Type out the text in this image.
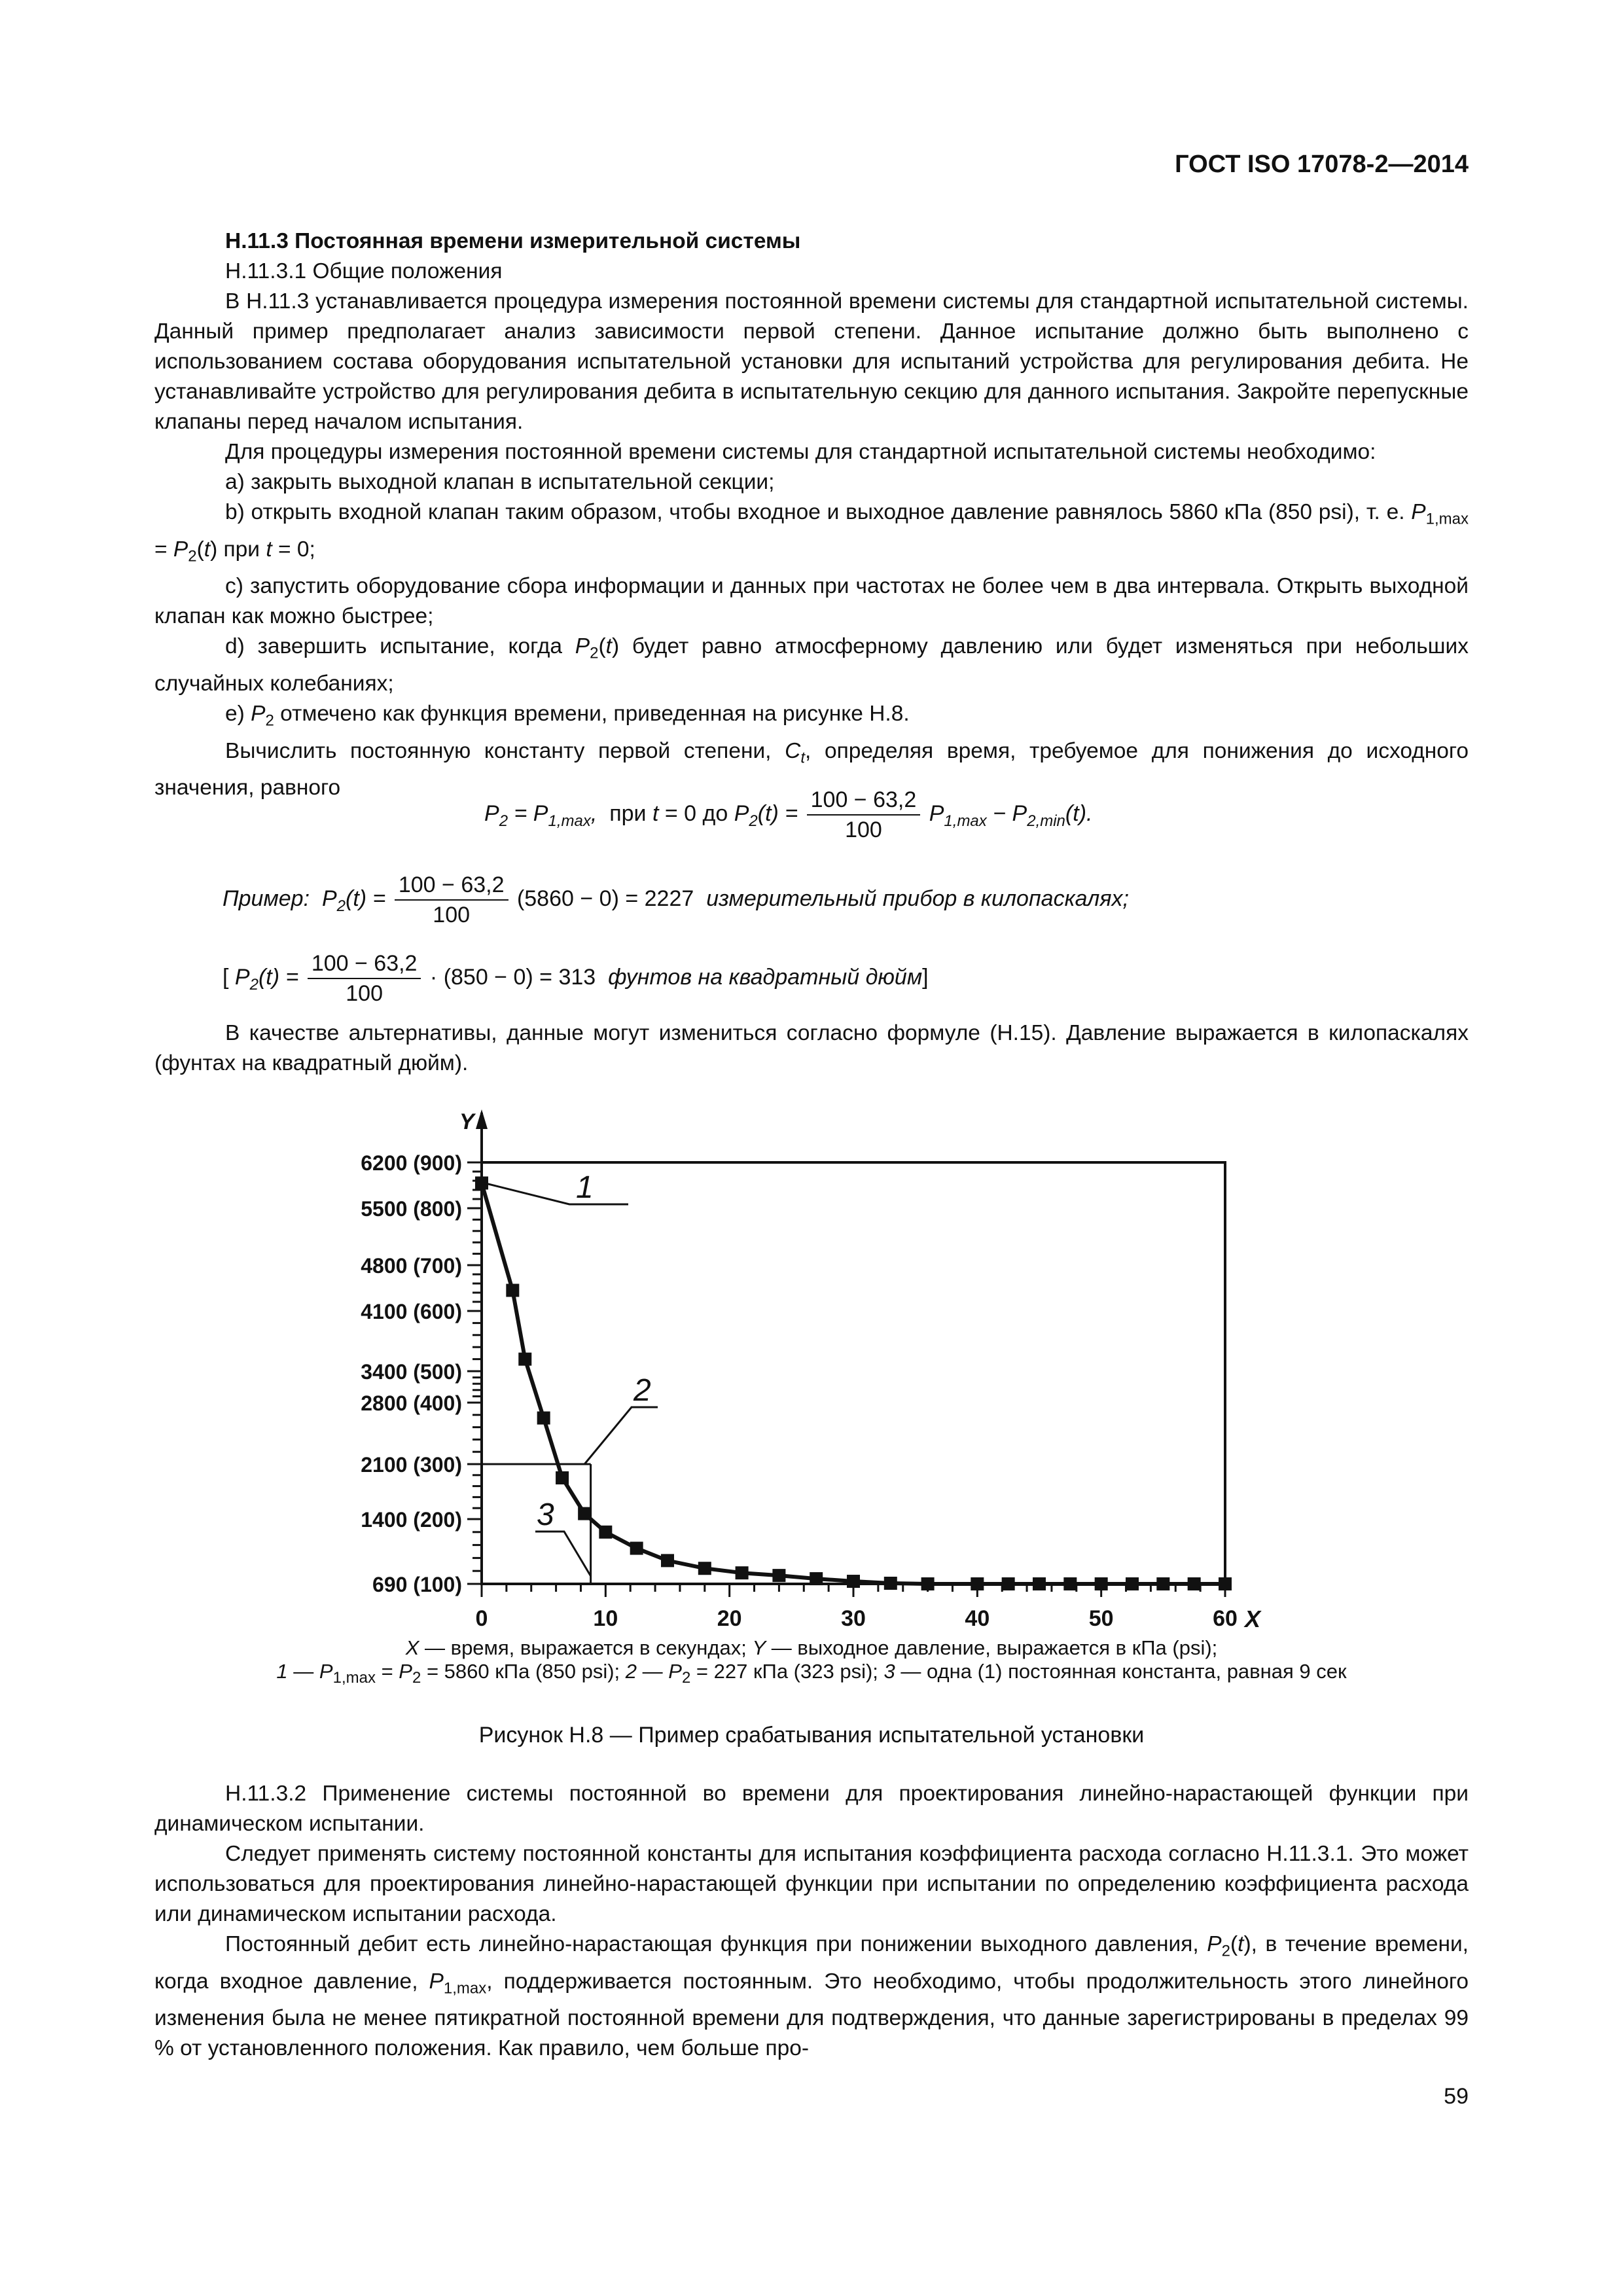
ГОСТ ISO 17078-2—2014

Н.11.3 Постоянная времени измерительной системы

Н.11.3.1 Общие положения

В Н.11.3 устанавливается процедура измерения постоянной времени системы для стандартной испытательной системы. Данный пример предполагает анализ зависимости первой степени. Данное испытание должно быть выполнено с использованием состава оборудования испытательной установки для испытаний устройства для регулирования дебита. Не устанавливайте устройство для регулирования дебита в испытательную секцию для данного испытания. Закройте перепускные клапаны перед началом испытания.

Для процедуры измерения постоянной времени системы для стандартной испытательной системы необходимо:

a) закрыть выходной клапан в испытательной секции;

b) открыть входной клапан таким образом, чтобы входное и выходное давление равнялось 5860 кПа (850 psi), т. е. $P_{1,max} = P_2(t)$ при t = 0;

c) запустить оборудование сбора информации и данных при частотах не более чем в два интервала. Открыть выходной клапан как можно быстрее;

d) завершить испытание, когда $P_2(t)$ будет равно атмосферному давлению или будет изменяться при небольших случайных колебаниях;

e) $P_2$ отмечено как функция времени, приведенная на рисунке Н.8.

Вычислить постоянную константу первой степени, $C_t$, определяя время, требуемое для понижения до исходного значения, равного

$P_2 = P_{1,max}$,  при t = 0 до $P_2(t) = \frac{100 - 63,2}{100} P_{1,max} - P_{2,min}(t)$.
Пример: $P_2(t) = \frac{100 - 63,2}{100} (5860 - 0) = 2227$ измерительный прибор в килопаскалях;
[ $P_2(t) = \frac{100 - 63,2}{100} \cdot (850 - 0) = 313$ фунтов на квадратный дюйм]

В качестве альтернативы, данные могут измениться согласно формуле (Н.15). Давление выражается в килопаскалях (фунтах на квадратный дюйм).

Y
X
6200 (900)
5500 (800)
4800 (700)
4100 (600)
3400 (500)
2800 (400)
2100 (300)
1400 (200)
690 (100)
0	10	20	30	40	50	60
1
2
3
X — время, выражается в секундах; Y — выходное давление, выражается в кПа (psi);
1 — $P_{1,max} = P_2 = 5860$ кПа (850 psi); 2 — $P_2 = 227$ кПа (323 psi); 3 — одна (1) постоянная константа, равная 9 сек
Рисунок Н.8 — Пример срабатывания испытательной установки

Н.11.3.2 Применение системы постоянной во времени для проектирования линейно-нарастающей функции при динамическом испытании.

Следует применять систему постоянной константы для испытания коэффициента расхода согласно Н.11.3.1. Это может использоваться для проектирования линейно-нарастающей функции при испытании по определению коэффициента расхода или динамическом испытании расхода.

Постоянный дебит есть линейно-нарастающая функция при понижении выходного давления, $P_2(t)$, в течение времени, когда входное давление, $P_{1,max}$, поддерживается постоянным. Это необходимо, чтобы продолжительность этого линейного изменения была не менее пятикратной постоянной времени для подтверждения, что данные зарегистрированы в пределах 99 % от установленного положения. Как правило, чем больше про-

59
